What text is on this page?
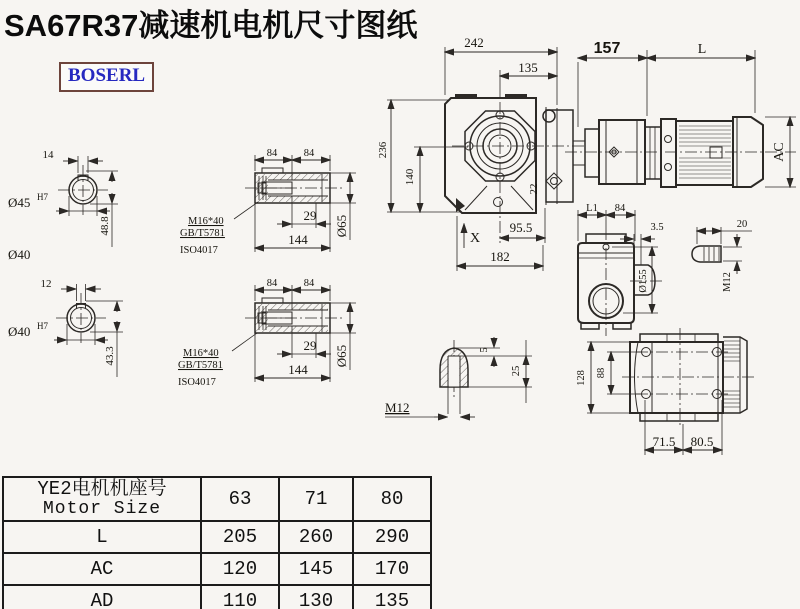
14
Ø45 H7
48.8
Ø40
12
Ø40 H7
43.3
84	84
29
144
Ø65
M16*40
GB/T5781
ISO4017
84	84
29
144
Ø65
M16*40
GB/T5781
ISO4017
22
242
135
157	L
236
140
AC
95.5
182
X
L1 84
3.5
Ø155
20
M12
5
25
M12
128 88
71.5 80.5
SA67R37减速机电机尺寸图纸
BOSERL
YE2电机机座号
Motor Size	63	71	80
L	205	260	290
AC	120	145	170
AD	110	130	135
